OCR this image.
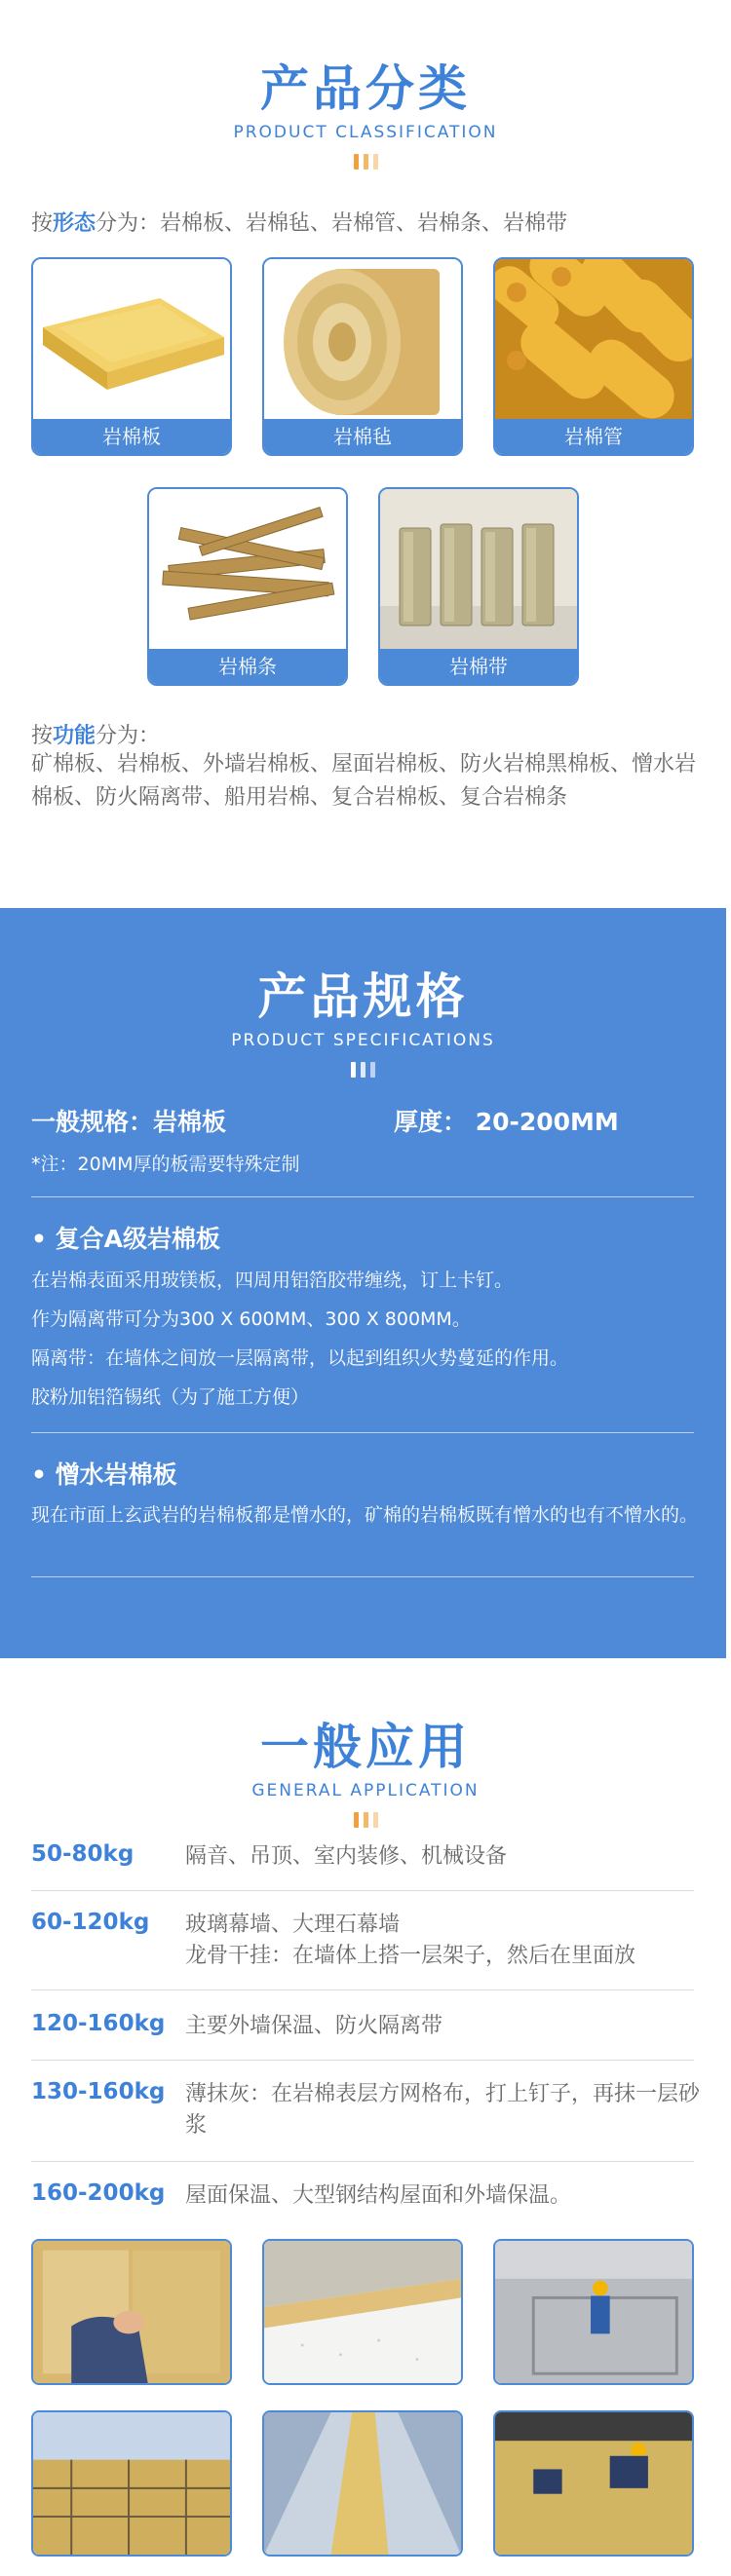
产品分类
PRODUCT CLASSIFICATION
按形态分为：岩棉板、岩棉毡、岩棉管、岩棉条、岩棉带
岩棉板	岩棉毡	岩棉管
岩棉条	岩棉带
按功能分为：
矿棉板、岩棉板、外墙岩棉板、屋面岩棉板、防火岩棉黑棉板、憎水岩棉板、防火隔离带、船用岩棉、复合岩棉板、复合岩棉条
产品规格
PRODUCT SPECIFICATIONS
一般规格：岩棉板	厚度： 20-200MM
*注：20MM厚的板需要特殊定制
• 复合A级岩棉板
在岩棉表面采用玻镁板，四周用铝箔胶带缠绕，订上卡钉。
作为隔离带可分为300 X 600MM、300 X 800MM。
隔离带：在墙体之间放一层隔离带，以起到组织火势蔓延的作用。
胶粉加铝箔锡纸（为了施工方便）
• 憎水岩棉板
现在市面上玄武岩的岩棉板都是憎水的，矿棉的岩棉板既有憎水的也有不憎水的。
一般应用
GENERAL APPLICATION
50-80kg 隔音、吊顶、室内装修、机械设备
60-120kg 玻璃幕墙、大理石幕墙
龙骨干挂：在墙体上搭一层架子，然后在里面放
120-160kg 主要外墙保温、防火隔离带
130-160kg 薄抹灰：在岩棉表层方网格布，打上钉子，再抹一层砂浆
160-200kg 屋面保温、大型钢结构屋面和外墙保温。
